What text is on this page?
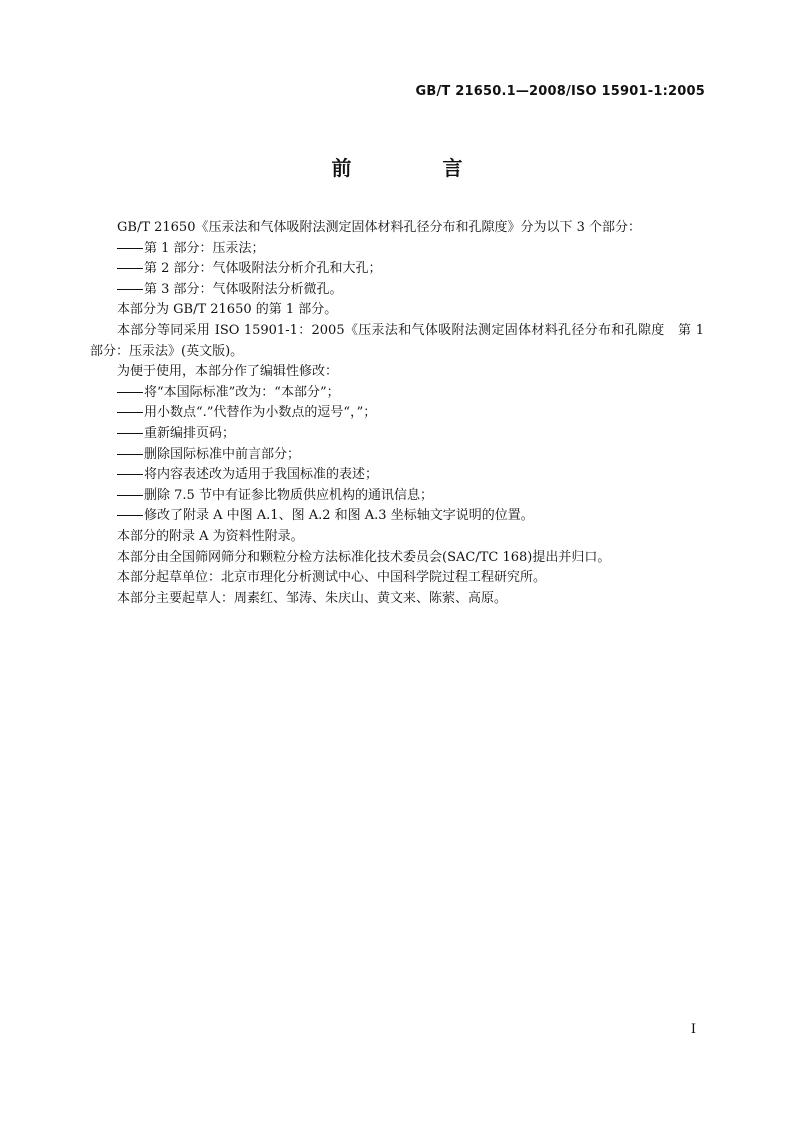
GB/T 21650.1—2008/ISO 15901-1:2005
前 言

GB/T 21650《压汞法和气体吸附法测定固体材料孔径分布和孔隙度》分为以下 3 个部分：

第 1 部分：压汞法；

第 2 部分：气体吸附法分析介孔和大孔；

第 3 部分：气体吸附法分析微孔。

本部分为 GB/T 21650 的第 1 部分。

本部分等同采用 ISO 15901-1：2005《压汞法和气体吸附法测定固体材料孔径分布和孔隙度　第 1 部分：压汞法》(英文版)。

为便于使用，本部分作了编辑性修改：

将“本国际标准”改为：“本部分”；

用小数点“.”代替作为小数点的逗号“，”；

重新编排页码；

删除国际标准中前言部分；

将内容表述改为适用于我国标准的表述；

删除 7.5 节中有证参比物质供应机构的通讯信息；

修改了附录 A 中图 A.1、图 A.2 和图 A.3 坐标轴文字说明的位置。

本部分的附录 A 为资料性附录。

本部分由全国筛网筛分和颗粒分检方法标准化技术委员会(SAC/TC 168)提出并归口。

本部分起草单位：北京市理化分析测试中心、中国科学院过程工程研究所。

本部分主要起草人：周素红、邹涛、朱庆山、黄文来、陈萦、高原。

I
